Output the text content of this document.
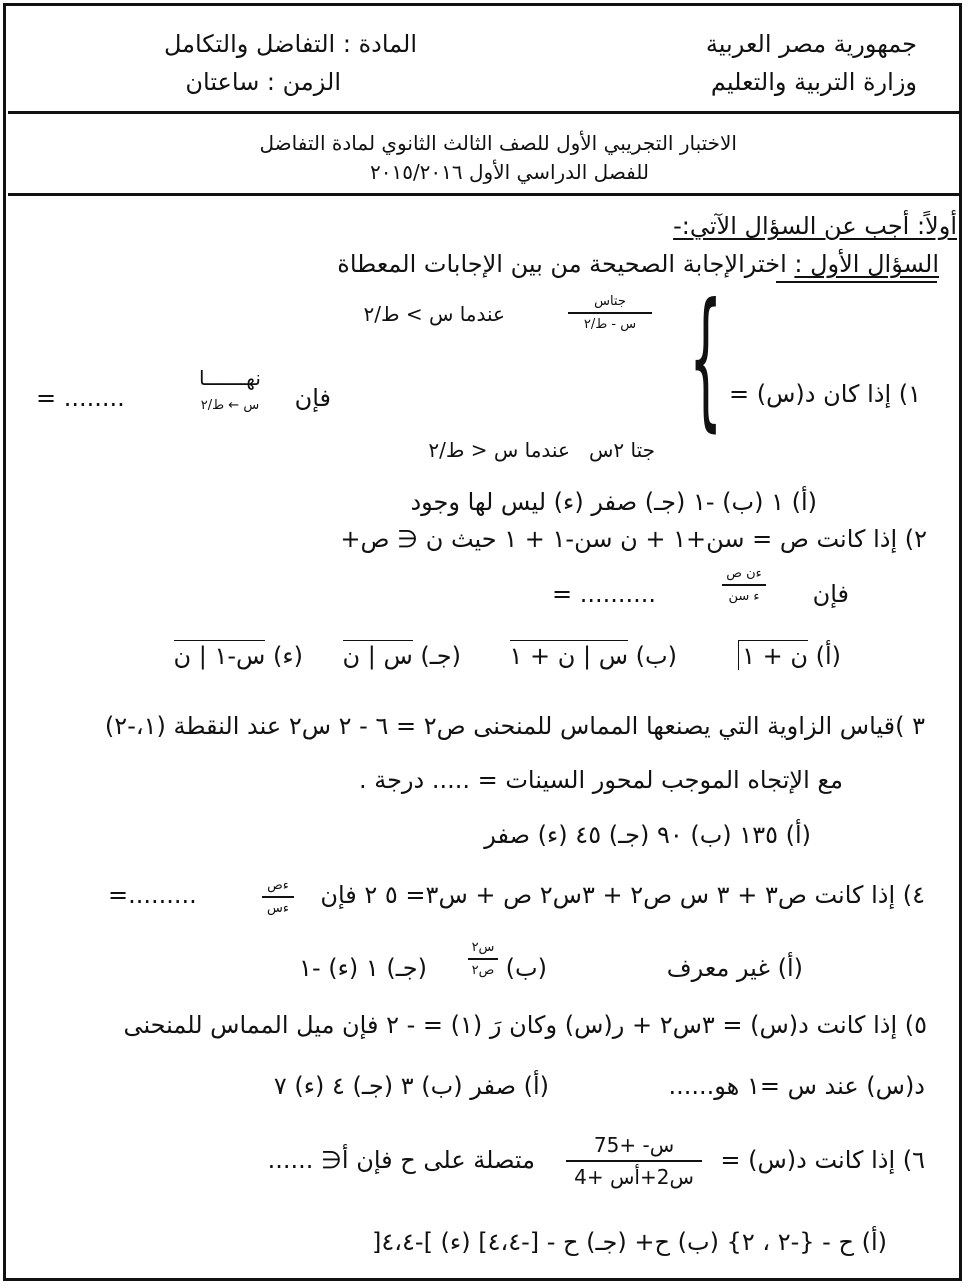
جمهورية مصر العربية
وزارة التربية والتعليم
المادة : التفاضل والتكامل
الزمن : ساعتان
الاختبار التجريبي الأول للصف الثالث الثانوي لمادة التفاضل
للفصل الدراسي الأول ٢٠١٥/٢٠١٦
أولاً: أجب عن السؤال الآتي:-
السؤال الأول : اخترالإجابة الصحيحة من بين الإجابات المعطاة
١) إذا كان د(س) =
{
جتاس
س - ط/٢
عندما س > ط/٢
جتا ٢س   عندما س < ط/٢
فإن
نهـــــــا
س ← ط/٢
= ........
(أ) ١ (ب) -١ (جـ) صفر (ء) ليس لها وجود
٢) إذا كانت ص = سن+١ + ن سن-١ + ١ حيث ن ∈ ص+
فإن
ءن ص
ء سن
= ..........
(أ) ن + ١
(ب) س | ن + ١
(جـ) س | ن
(ء) س-١ | ن
٣ )قياس الزاوية التي يصنعها المماس للمنحنى ص٢ = ٦ - ٢ س٢ عند النقطة (١،-٢)
مع الإتجاه الموجب لمحور السينات = ..... درجة .
(أ) ١٣٥ (ب) ٩٠ (جـ) ٤٥ (ء) صفر
٤) إذا كانت ص٣ + ٣ س ص٢ + ٣س٢ ص + س٣= ٥ ٢ فإن
ءص
ءس
=.........
(أ) غير معرف
(ب)
س٢
ص٢
(جـ) ١ (ء) -١
٥) إذا كانت د(س) = ٣س٢ + ر(س) وكان رَ (١) = - ٢ فإن ميل المماس للمنحنى
د(س) عند س =١ هو......
(أ) صفر (ب) ٣ (جـ) ٤ (ء) ٧
٦) إذا كانت د(س) =
7س- +5
س2+أس +4
متصلة على ح فإن أ∈ ......
(أ) ح - {-٢ ، ٢} (ب) ح+ (جـ) ح - [-٤،٤] (ء) ]-٤،٤[
